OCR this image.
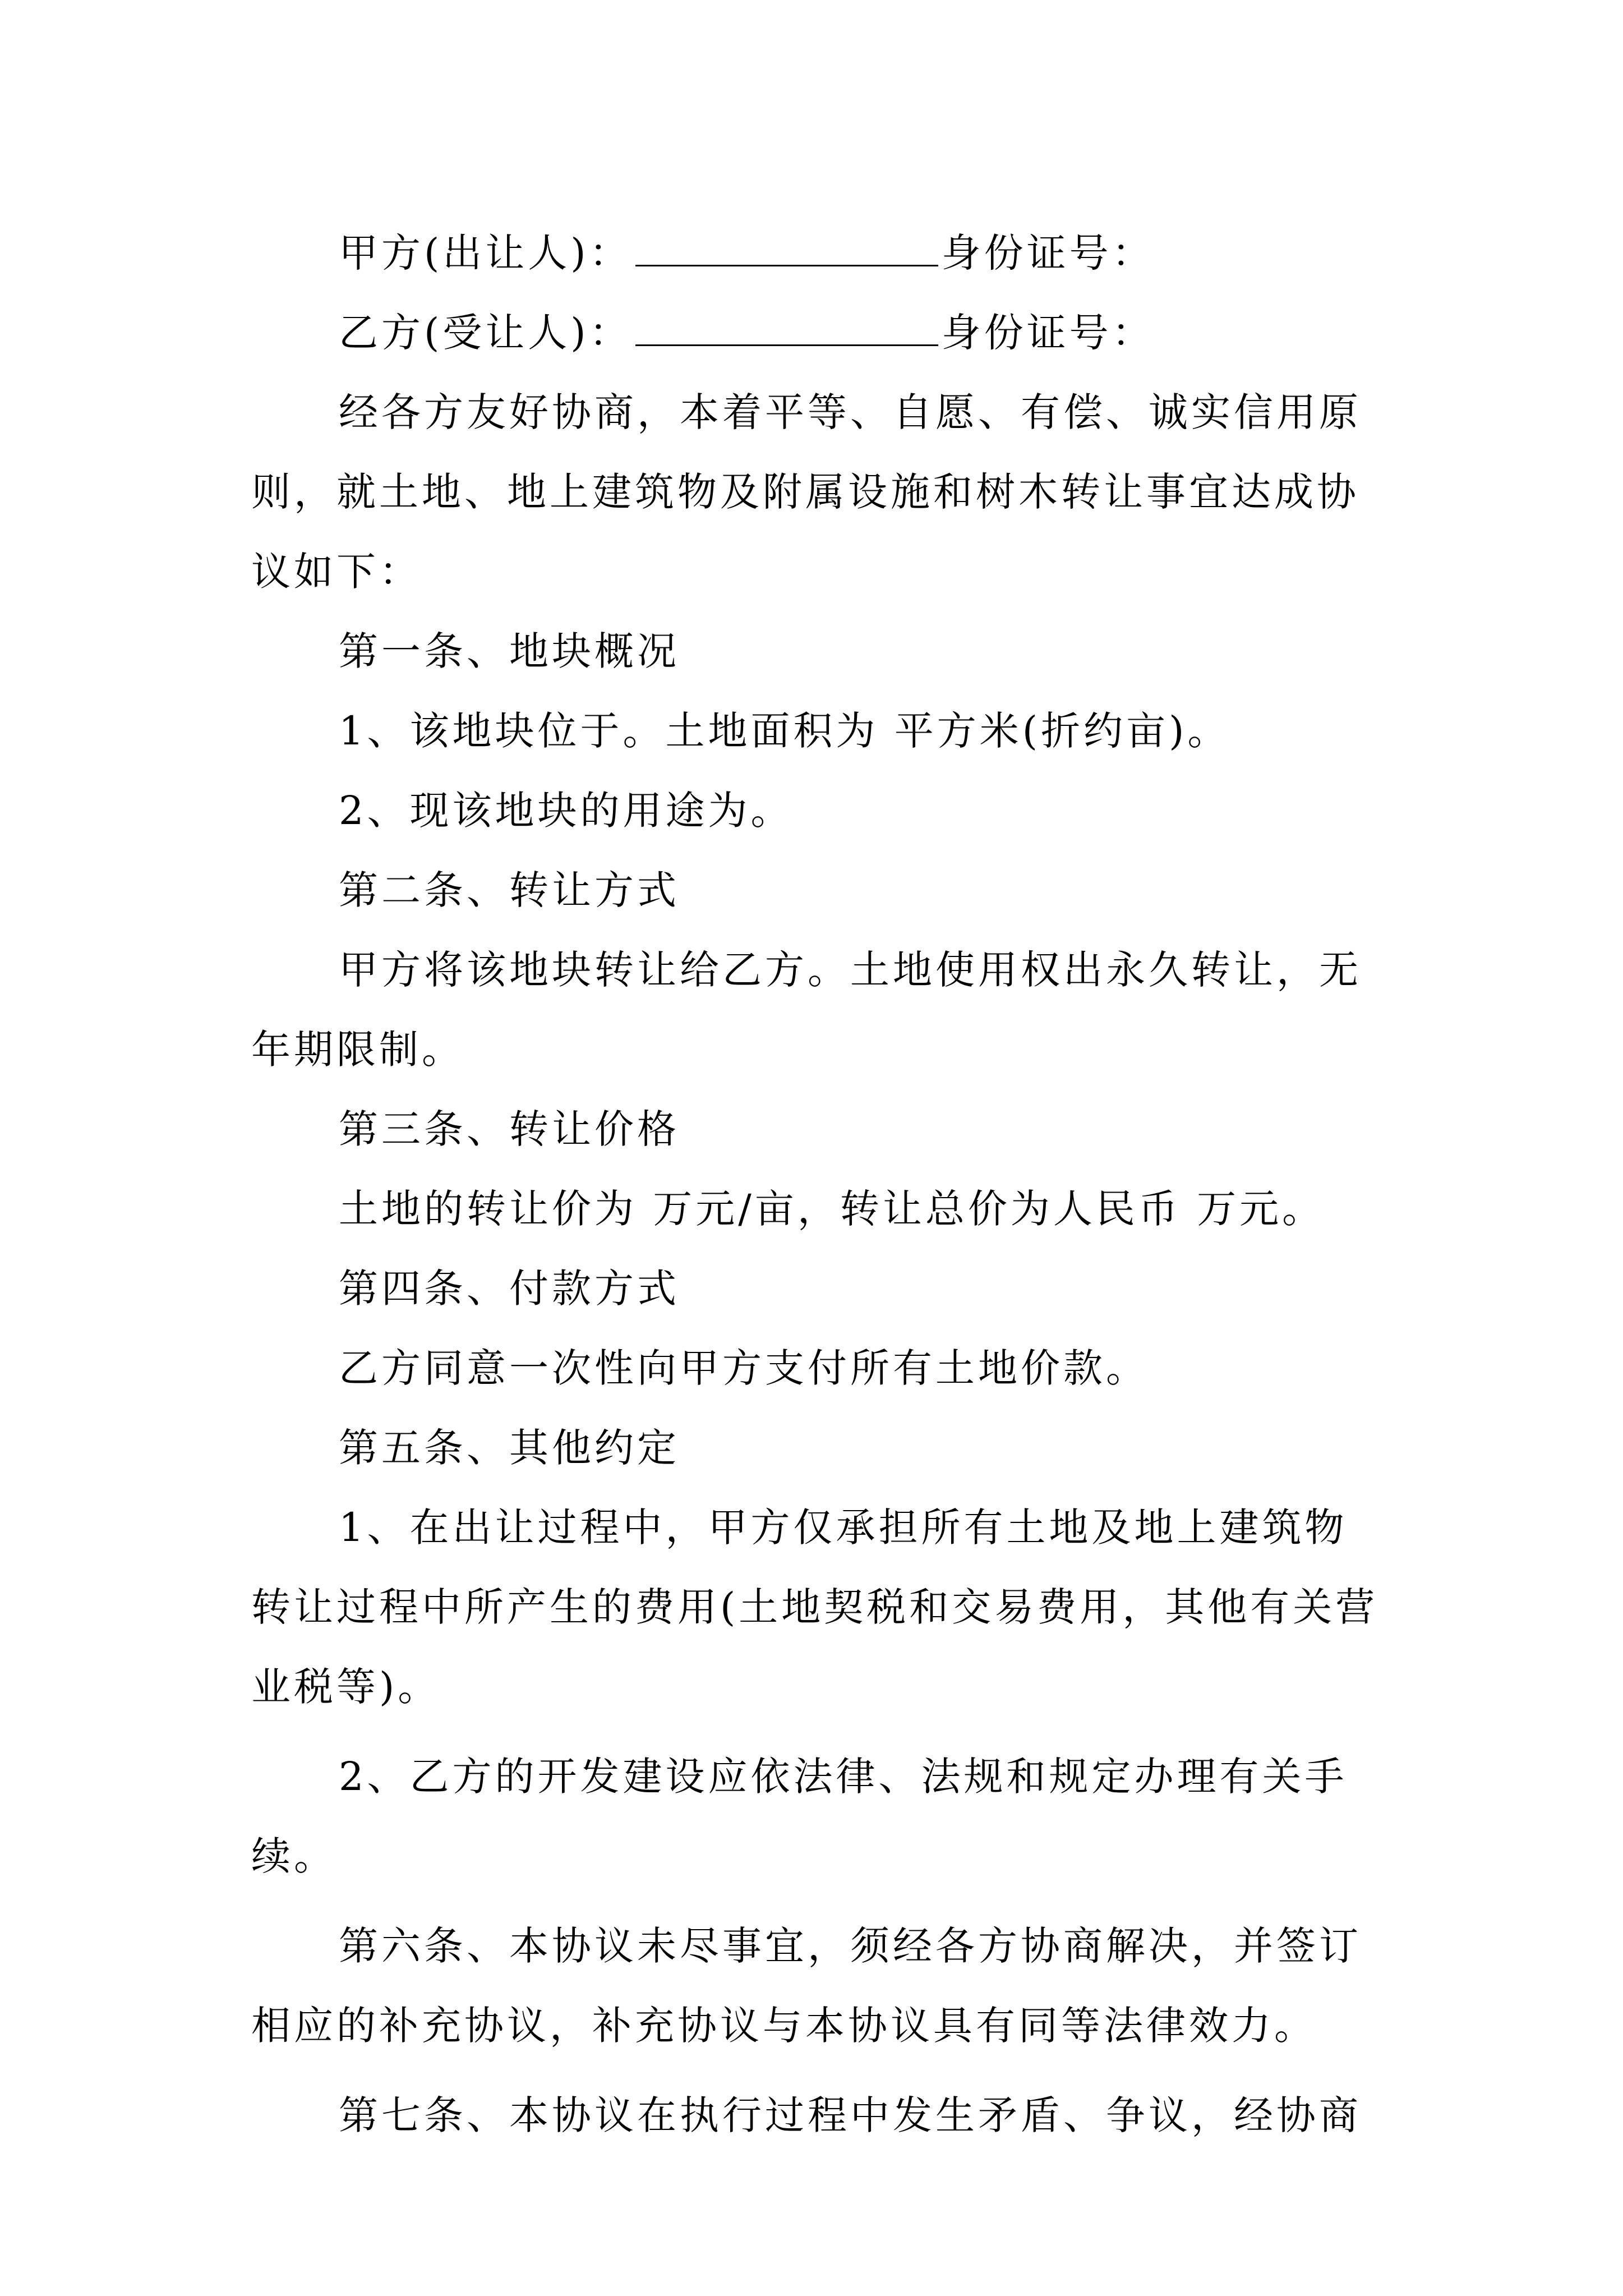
甲方(出让人)：	身份证号：
乙方(受让人)：	身份证号：
经各方友好协商，本着平等、自愿、有偿、诚实信用原则，就土地、地上建筑物及附属设施和树木转让事宜达成协议如下：
第一条、地块概况
1、该地块位于。土地面积为 平方米(折约亩)。
2、现该地块的用途为。
第二条、转让方式
甲方将该地块转让给乙方。土地使用权出永久转让，无年期限制。
第三条、转让价格
土地的转让价为 万元/亩，转让总价为人民币 万元。
第四条、付款方式
乙方同意一次性向甲方支付所有土地价款。
第五条、其他约定
1、在出让过程中，甲方仅承担所有土地及地上建筑物转让过程中所产生的费用(土地契税和交易费用，其他有关营业税等)。
2、乙方的开发建设应依法律、法规和规定办理有关手续。
第六条、本协议未尽事宜，须经各方协商解决，并签订相应的补充协议，补充协议与本协议具有同等法律效力。
第七条、本协议在执行过程中发生矛盾、争议，经协商
